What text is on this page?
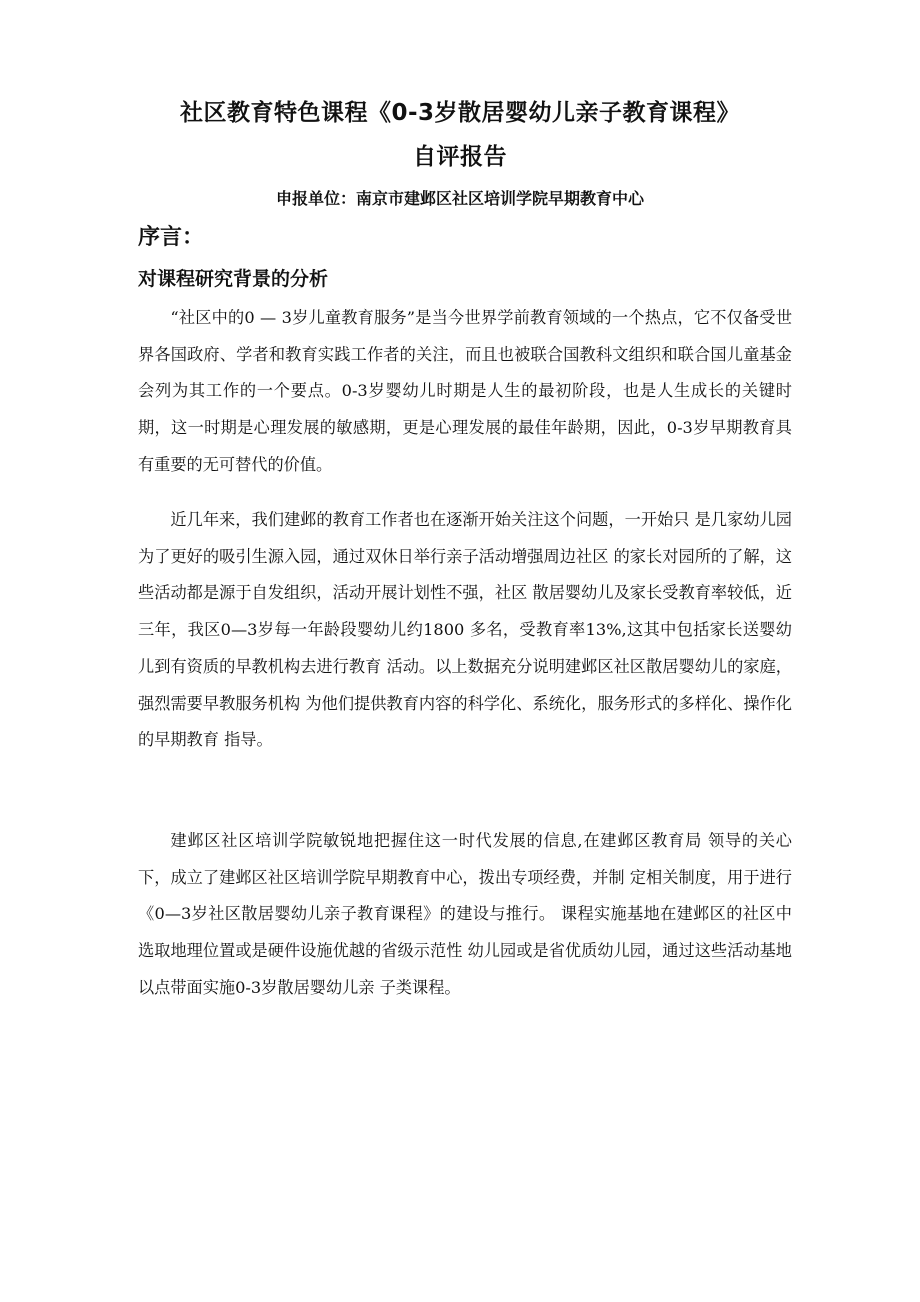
社区教育特色课程《0-3岁散居婴幼儿亲子教育课程》
自评报告

申报单位：南京市建邺区社区培训学院早期教育中心

序言：
对课程研究背景的分析

“社区中的0 — 3岁儿童教育服务”是当今世界学前教育领域的一个热点，它不仅备受世界各国政府、学者和教育实践工作者的关注，而且也被联合国教科文组织和联合国儿童基金会列为其工作的一个要点。0-3岁婴幼儿时期是人生的最初阶段，也是人生成长的关键时期，这一时期是心理发展的敏感期，更是心理发展的最佳年龄期，因此，0-3岁早期教育具有重要的无可替代的价值。

近几年来，我们建邺的教育工作者也在逐渐开始关注这个问题，一开始只 是几家幼儿园为了更好的吸引生源入园，通过双休日举行亲子活动增强周边社区 的家长对园所的了解，这些活动都是源于自发组织，活动开展计划性不强，社区 散居婴幼儿及家长受教育率较低，近三年，我区0—3岁每一年龄段婴幼儿约1800 多名，受教育率13%,这其中包括家长送婴幼儿到有资质的早教机构去进行教育 活动。以上数据充分说明建邺区社区散居婴幼儿的家庭，强烈需要早教服务机构 为他们提供教育内容的科学化、系统化，服务形式的多样化、操作化的早期教育 指导。

建邺区社区培训学院敏锐地把握住这一时代发展的信息,在建邺区教育局 领导的关心下，成立了建邺区社区培训学院早期教育中心，拨出专项经费，并制 定相关制度，用于进行《0—3岁社区散居婴幼儿亲子教育课程》的建设与推行。 课程实施基地在建邺区的社区中选取地理位置或是硬件设施优越的省级示范性 幼儿园或是省优质幼儿园，通过这些活动基地以点带面实施0-3岁散居婴幼儿亲 子类课程。
